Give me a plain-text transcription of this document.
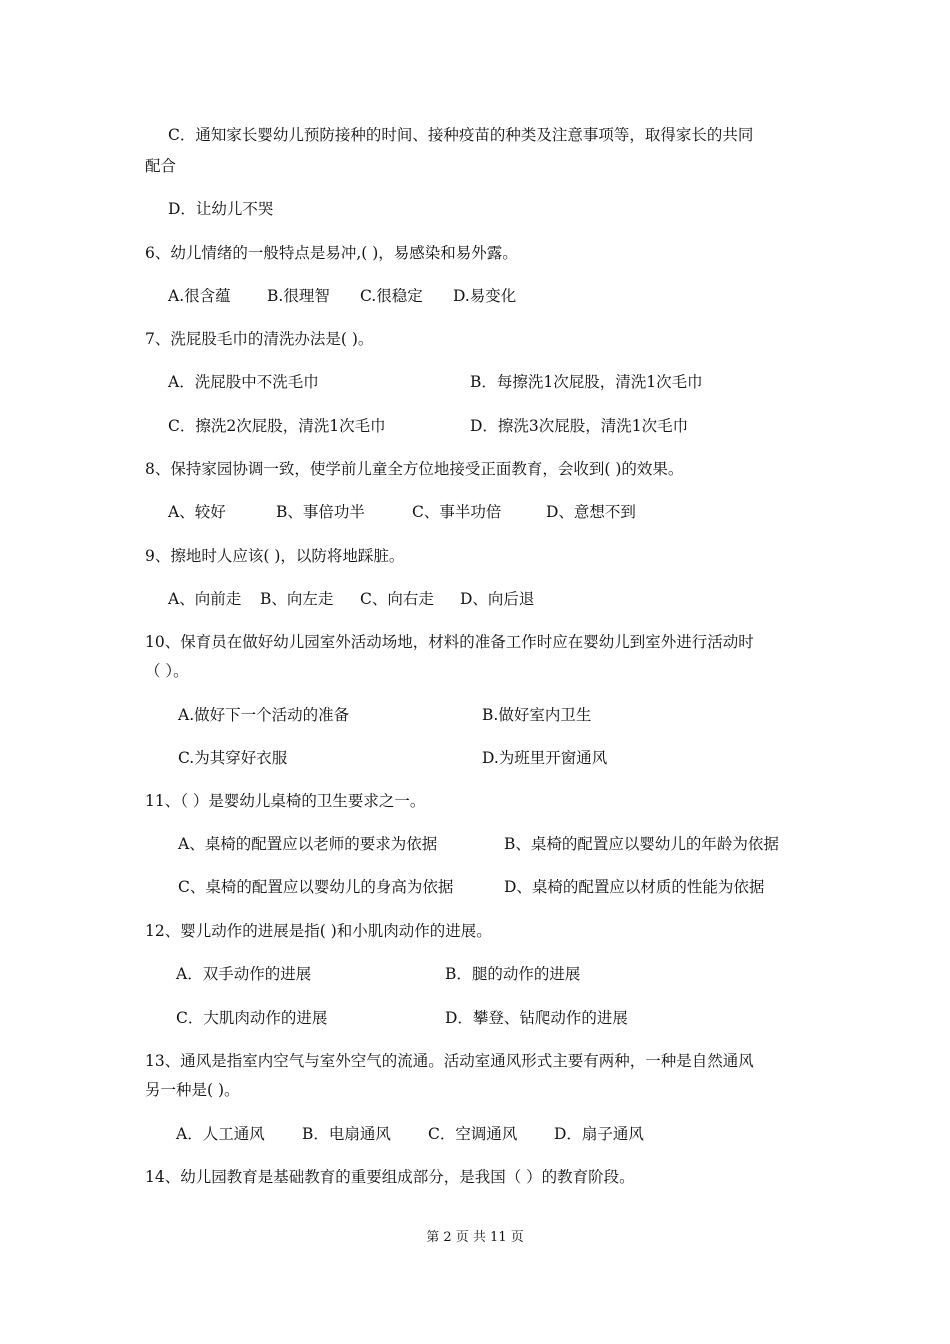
C．通知家长婴幼儿预防接种的时间、接种疫苗的种类及注意事项等，取得家长的共同
配合
D．让幼儿不哭
6、幼儿情绪的一般特点是易冲,( )，易感染和易外露。
A.很含蕴 B.很理智 C.很稳定 D.易变化
7、洗屁股毛巾的清洗办法是( )。
A．洗屁股中不洗毛巾	B．每擦洗1次屁股，清洗1次毛巾
C．擦洗2次屁股，清洗1次毛巾	D．擦洗3次屁股，清洗1次毛巾
8、保持家园协调一致，使学前儿童全方位地接受正面教育，会收到( )的效果。
A、较好	B、事倍功半	C、事半功倍	D、意想不到
9、擦地时人应该( )，以防将地踩脏。
A、向前走 B、向左走 C、向右走 D、向后退
10、保育员在做好幼儿园室外活动场地，材料的准备工作时应在婴幼儿到室外进行活动时
（ ）。
A.做好下一个活动的准备	B.做好室内卫生
C.为其穿好衣服	D.为班里开窗通风
11、（ ）是婴幼儿桌椅的卫生要求之一。
A、桌椅的配置应以老师的要求为依据	B、桌椅的配置应以婴幼儿的年龄为依据
C、桌椅的配置应以婴幼儿的身高为依据	D、桌椅的配置应以材质的性能为依据
12、婴儿动作的进展是指( )和小肌肉动作的进展。
A．双手动作的进展	B．腿的动作的进展
C．大肌肉动作的进展	D．攀登、钻爬动作的进展
13、通风是指室内空气与室外空气的流通。活动室通风形式主要有两种，一种是自然通风
另一种是( )。
A．人工通风 B．电扇通风 C．空调通风 D．扇子通风
14、幼儿园教育是基础教育的重要组成部分，是我国（ ）的教育阶段。
第 2 页 共 11 页
